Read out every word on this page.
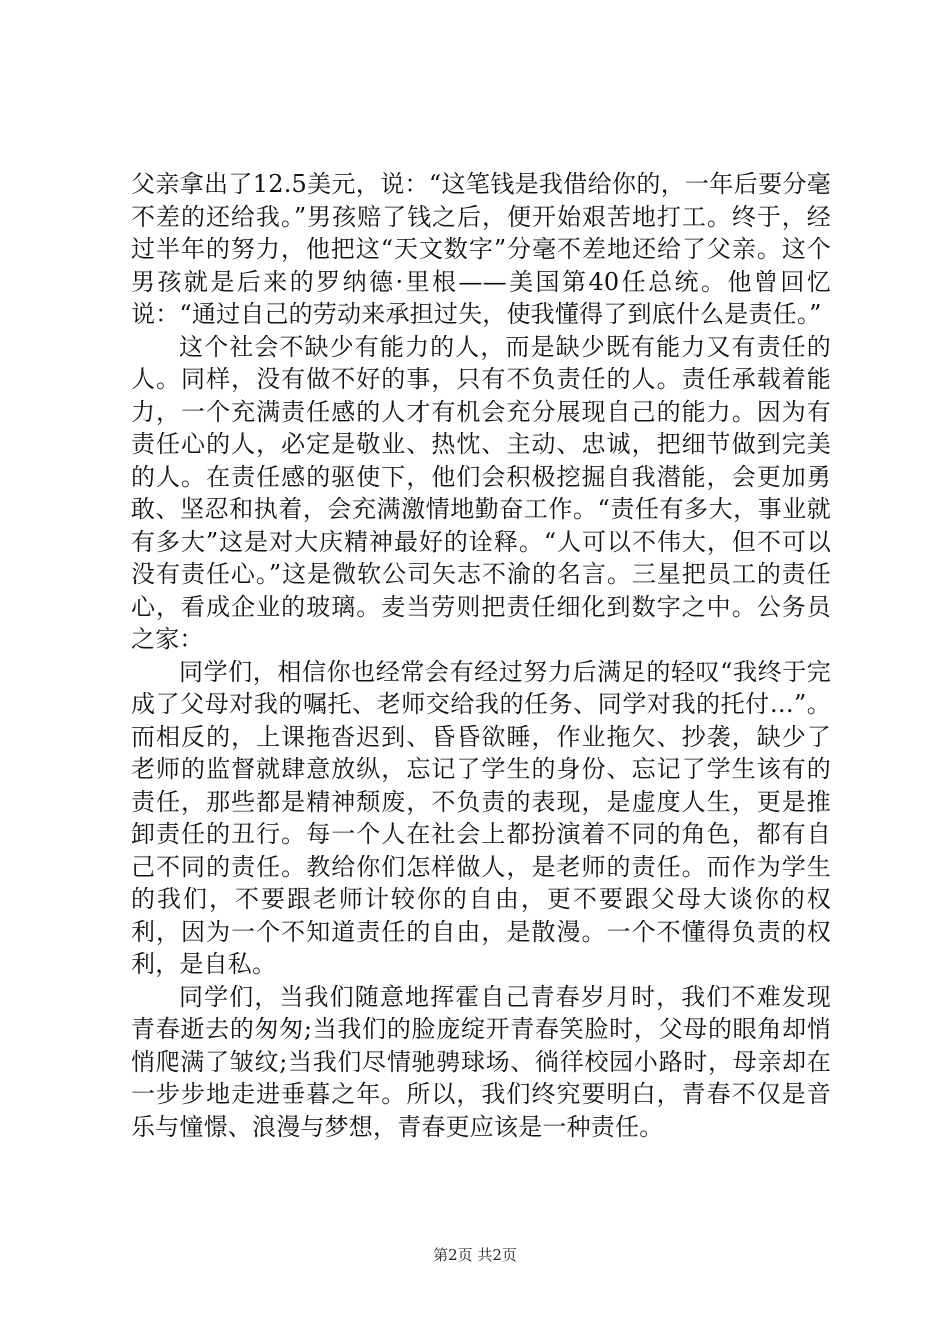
父亲拿出了12.5美元，说：“这笔钱是我借给你的，一年后要分毫不差的还给我。”男孩赔了钱之后，便开始艰苦地打工。终于，经过半年的努力，他把这“天文数字”分毫不差地还给了父亲。这个男孩就是后来的罗纳德·里根——美国第40任总统。他曾回忆说：“通过自己的劳动来承担过失，使我懂得了到底什么是责任。”

这个社会不缺少有能力的人，而是缺少既有能力又有责任的人。同样，没有做不好的事，只有不负责任的人。责任承载着能力，一个充满责任感的人才有机会充分展现自己的能力。因为有责任心的人，必定是敬业、热忱、主动、忠诚，把细节做到完美的人。在责任感的驱使下，他们会积极挖掘自我潜能，会更加勇敢、坚忍和执着，会充满激情地勤奋工作。“责任有多大，事业就有多大”这是对大庆精神最好的诠释。“人可以不伟大，但不可以没有责任心。”这是微软公司矢志不渝的名言。三星把员工的责任心，看成企业的玻璃。麦当劳则把责任细化到数字之中。公务员之家：

同学们，相信你也经常会有经过努力后满足的轻叹“我终于完成了父母对我的嘱托、老师交给我的任务、同学对我的托付…”。而相反的，上课拖沓迟到、昏昏欲睡，作业拖欠、抄袭，缺少了老师的监督就肆意放纵，忘记了学生的身份、忘记了学生该有的责任，那些都是精神颓废，不负责的表现，是虚度人生，更是推卸责任的丑行。每一个人在社会上都扮演着不同的角色，都有自己不同的责任。教给你们怎样做人，是老师的责任。而作为学生的我们，不要跟老师计较你的自由，更不要跟父母大谈你的权利，因为一个不知道责任的自由，是散漫。一个不懂得负责的权利，是自私。

同学们，当我们随意地挥霍自己青春岁月时，我们不难发现青春逝去的匆匆;当我们的脸庞绽开青春笑脸时，父母的眼角却悄悄爬满了皱纹;当我们尽情驰骋球场、徜徉校园小路时，母亲却在一步步地走进垂暮之年。所以，我们终究要明白，青春不仅是音乐与憧憬、浪漫与梦想，青春更应该是一种责任。

第2页 共2页
